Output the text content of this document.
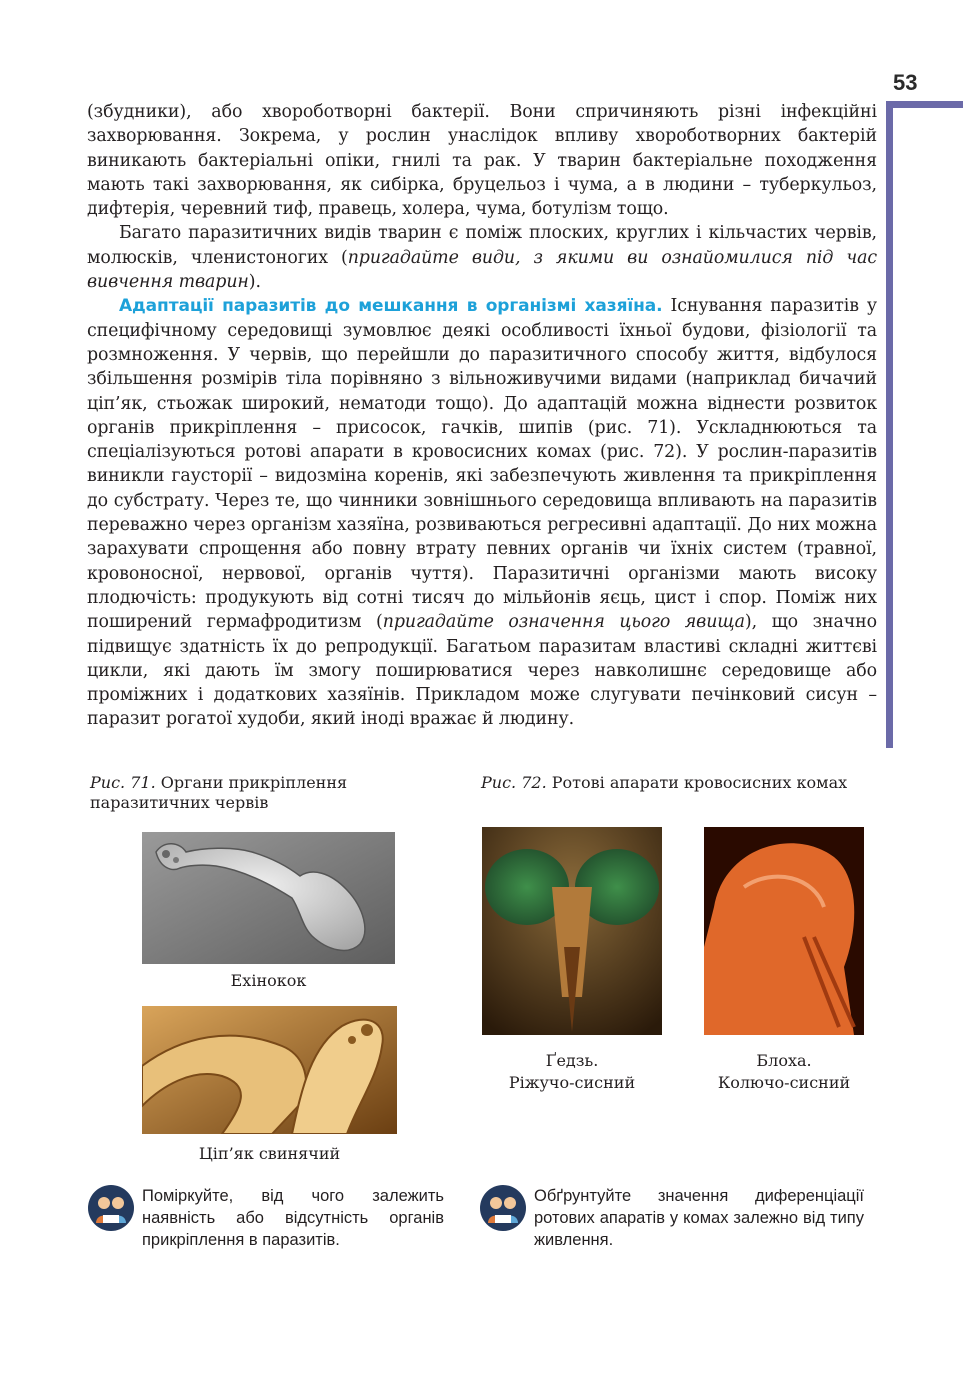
53

(збудники), або хвороботворні бактерії. Вони спричиняють різні інфекційні захворювання. Зокрема, у рослин унаслідок впливу хвороботворних бактерій виникають бактеріальні опіки, гнилі та рак. У тварин бактеріальне походження мають такі захворювання, як сибірка, бруцельоз і чума, а в людини – туберкульоз, дифтерія, черевний тиф, правець, холера, чума, ботулізм тощо.

Багато паразитичних видів тварин є поміж плоских, круглих і кільчастих червів, молюсків, членистоногих (пригадайте види, з якими ви ознайомилися під час вивчення тварин).

Адаптації паразитів до мешкання в організмі хазяїна. Існування паразитів у специфічному середовищі зумовлює деякі особливості їхньої будови, фізіології та розмноження. У червів, що перейшли до паразитичного способу життя, відбулося збільшення розмірів тіла порівняно з вільноживучими видами (наприклад бичачий ціп’як, стьожак широкий, нематоди тощо). До адаптацій можна віднести розвиток органів прикріплення – присосок, гачків, шипів (рис. 71). Ускладнюються та спеціалізуються ротові апарати в кровосисних комах (рис. 72). У рослин-паразитів виникли гаусторії – видозміна коренів, які забезпечують живлення та прикріплення до субстрату. Через те, що чинники зовнішнього середовища впливають на паразитів переважно через організм хазяїна, розвиваються регресивні адаптації. До них можна зарахувати спрощення або повну втрату певних органів чи їхніх систем (травної, кровоносної, нервової, органів чуття). Паразитичні організми мають високу плодючість: продукують від сотні тисяч до мільйонів яєць, цист і спор. Поміж них поширений гермафродитизм (пригадайте означення цього явища), що значно підвищує здатність їх до репродукції. Багатьом паразитам властиві складні життєві цикли, які дають їм змогу поширюватися через навколишнє середовище або проміжних і додаткових хазяїнів. Прикладом може слугувати печінковий сисун – паразит рогатої худоби, який іноді вражає й людину.

Рис. 71. Органи прикріплення паразитичних червів
Рис. 72. Ротові апарати кровосисних комах
Ехінокок
Ціп’як свинячий
Ґедзь.
Ріжучо-сисний
Блоха.
Колючо-сисний
Поміркуйте, від чого залежить наявність або відсутність органів прикріплення в паразитів.
Обґрунтуйте значення диференціації ротових апаратів у комах залежно від типу живлення.
